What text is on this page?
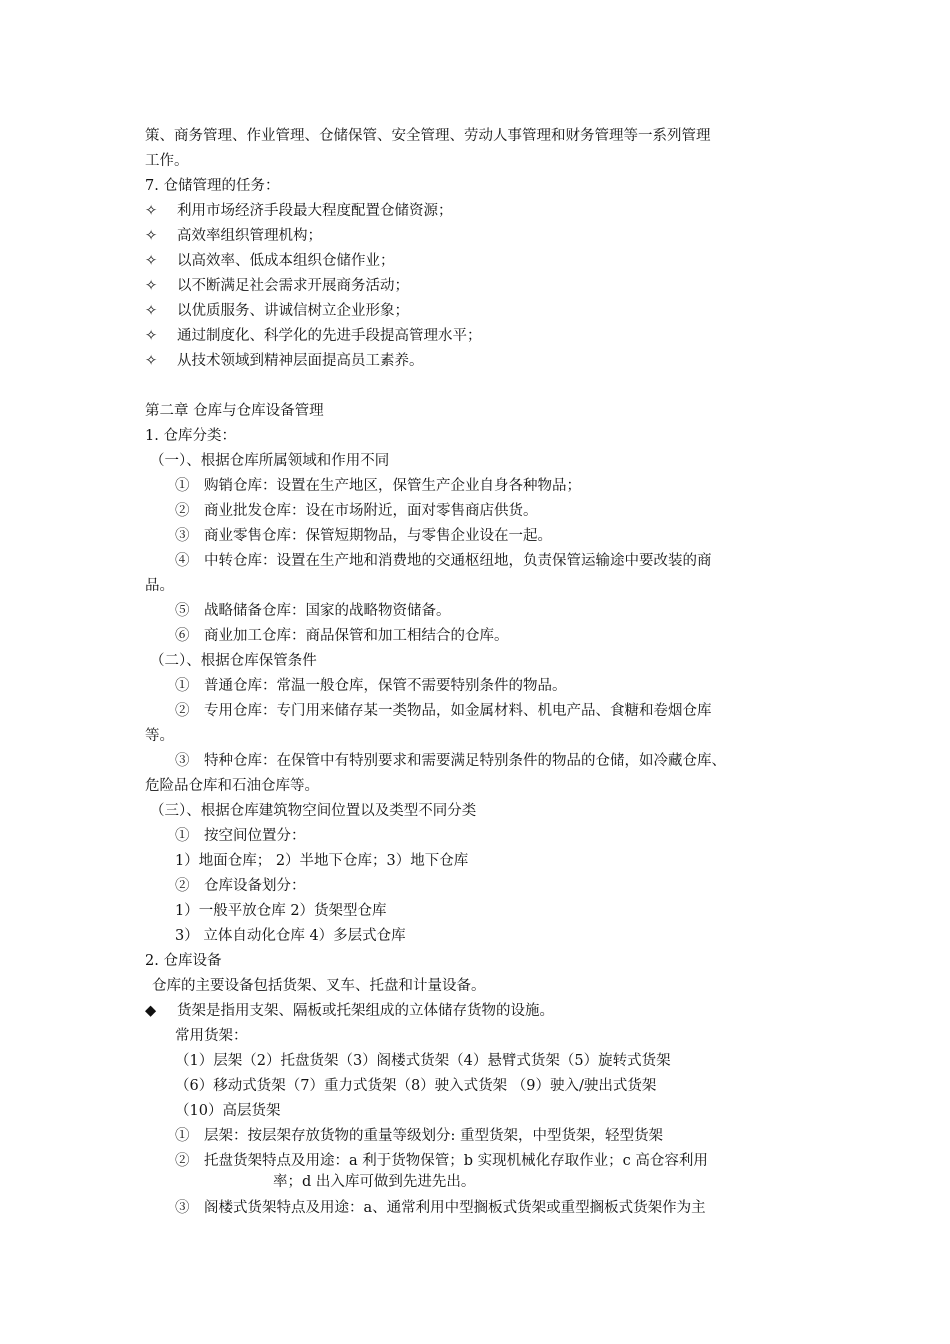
策、商务管理、作业管理、仓储保管、安全管理、劳动人事管理和财务管理等一系列管理
工作。
7. 仓储管理的任务：
✧ 利用市场经济手段最大程度配置仓储资源；
✧ 高效率组织管理机构；
✧ 以高效率、低成本组织仓储作业；
✧ 以不断满足社会需求开展商务活动；
✧ 以优质服务、讲诚信树立企业形象；
✧ 通过制度化、科学化的先进手段提高管理水平；
✧ 从技术领域到精神层面提高员工素养。
第二章 仓库与仓库设备管理
1. 仓库分类：
（一）、根据仓库所属领域和作用不同
①　购销仓库：设置在生产地区，保管生产企业自身各种物品；
②　商业批发仓库：设在市场附近，面对零售商店供货。
③　商业零售仓库：保管短期物品，与零售企业设在一起。
④　中转仓库：设置在生产地和消费地的交通枢纽地，负责保管运输途中要改装的商
品。
⑤　战略储备仓库：国家的战略物资储备。
⑥　商业加工仓库：商品保管和加工相结合的仓库。
（二）、根据仓库保管条件
①　普通仓库：常温一般仓库，保管不需要特别条件的物品。
②　专用仓库：专门用来储存某一类物品，如金属材料、机电产品、食糖和卷烟仓库
等。
③　特种仓库：在保管中有特别要求和需要满足特别条件的物品的仓储，如冷藏仓库、
危险品仓库和石油仓库等。
（三）、根据仓库建筑物空间位置以及类型不同分类
①　按空间位置分：
1）地面仓库； 2）半地下仓库；3）地下仓库
②　仓库设备划分：
1）一般平放仓库 2）货架型仓库
3） 立体自动化仓库 4）多层式仓库
2. 仓库设备
仓库的主要设备包括货架、叉车、托盘和计量设备。
◆ 货架是指用支架、隔板或托架组成的立体储存货物的设施。
常用货架：
（1）层架（2）托盘货架（3）阁楼式货架（4）悬臂式货架（5）旋转式货架
（6）移动式货架（7）重力式货架（8）驶入式货架 （9）驶入/驶出式货架
（10）高层货架
①　层架：按层架存放货物的重量等级划分: 重型货架，中型货架，轻型货架
②　托盘货架特点及用途：a 利于货物保管；b 实现机械化存取作业；c 高仓容利用
率；d 出入库可做到先进先出。
③　阁楼式货架特点及用途：a、通常利用中型搁板式货架或重型搁板式货架作为主
